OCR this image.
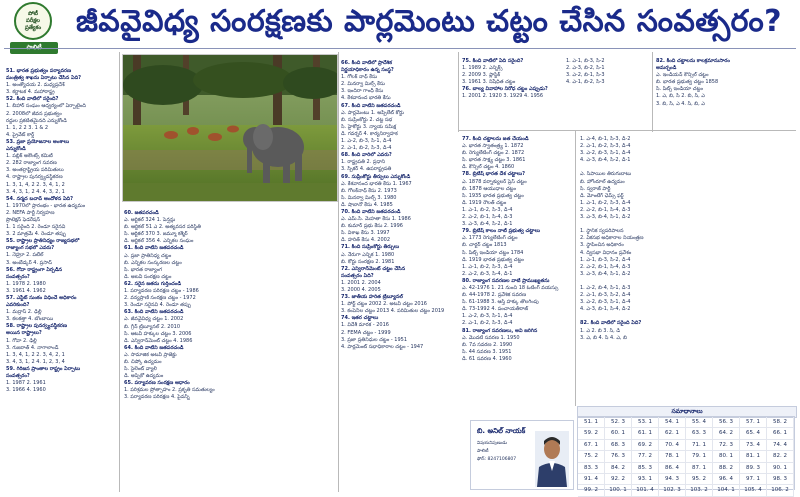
పోటీ
పరీక్షల
ప్రత్యేకం జీవవైవిధ్య సంరక్షణకు పార్లమెంటు చట్టం చేసిన సంవత్సరం?
51. భారత ప్రభుత్వం పర్యావరణ
మంత్రిత్వ శాఖను ఏర్పాటు చేసిన ఏది?
1. అంత్యోదయ 2. మధ్యప్రదేశ్
3. కర్ణాటక 4. మహారాష్ట్ర
52. కింది వాటిలో సరైంది?
1. బీహార్ సంఘం ఆధ్వర్యంలో ఏర్పాటైంది
2. 2008లో జీవన ప్రభుత్వం
రద్దుల ప్రకటితమైనది ఎన్నుకోండి
1. 1, 2 2 3. 1 & 2
4. ప్రైవేట్ కార్డ్
53. ప్రజా ప్రయోజనాల అంశాలు
ఎన్నుకోండి
1. పబ్లిక్ అకౌంట్స్ కమిటీ
2. 282 రాజ్యాంగ సవరణ
3. అంతర్రాష్ట్రీయ పరిమితులు
4. రాష్ట్రాల పునర్వ్యవస్థీకరణ
1. 3, 1, 4, 2 2. 3, 4, 1, 2
3. 4, 3, 1, 2 4. 4, 3, 2, 1
54. నర్మద బచావ్ ఆందోళన ఏది?
1. 1970లో ప్రారంభం - భారత ఉద్యమం
2. NEFA పార్టీ నిర్వహణ
ప్రొటెక్షన్ ఫెడరేషన్
1. 1 సరైంది 2. రెండూ సరైనవి
3. 2 మాత్రమే 4. రెండూ తప్పు
55. రాష్ట్రాల ప్రాతినిధ్యం రాజ్యసభలో
రాజ్యాంగ సభలో ఎవరు?
1. నెహ్రూ 2. పటేల్
3. అంబేడ్కర్ 4. ప్రసాద్
56. గోవా రాష్ట్రంగా ఏర్పడిన
సంవత్సరం?
1. 1978 2. 1980
3. 1961 4. 1962
57. ఎస్టేట్ సుంకం విధించే అధికారం
ఎవరికుంది?
1. మద్రాస్ 2. ఢిల్లీ
3. కలకత్తా 4. బొంబాయి
58. రాష్ట్రాల పునర్వ్యవస్థీకరణ
అయిన రాష్ట్రాలు?
1. గోవా 2. ఢిల్లీ
3. గుజరాత్ 4. నాగాలాండ్
1. 3, 4, 1, 2 2. 3, 4, 2, 1
3. 4, 3, 1, 2 4. 1, 2, 3, 4
59. గిరిజన ప్రాంతాల రాష్ట్రం ఏర్పాటు
సంవత్సరం?
1. 1987 2. 1961
3. 1966 4. 1960
60. జతపరచండి
ఎ. ఆర్టికల్ 324 1. పెన్షన్లు
బి. ఆర్టికల్ 51 ఎ 2. అత్యవసర పరిస్థితి
సి. ఆర్టికల్ 370 3. జమ్మూ కశ్మీర్
డి. ఆర్టికల్ 356 4. ఎన్నికల సంఘం
61. కింది వాటిని జతపరచండి
ఎ. ప్రజా ప్రాతినిధ్య చట్టం
బి. ఎన్నికల సంస్కరణల చట్టం
సి. భారత రాజ్యాంగ
డి. అటవీ సంరక్షణ చట్టం
62. సరైన జతను గుర్తించండి
1. పర్యావరణ పరిరక్షణ చట్టం - 1986
2. వన్యప్రాణి సంరక్షణ చట్టం - 1972
3. రెండూ సరైనవి 4. రెండూ తప్పు
63. కింది వాటిని జతపరచండి
ఎ. జీవవైవిధ్య చట్టం 1. 2002
బి. గ్రీన్ ట్రిబ్యూనల్ 2. 2010
సి. ఆటవీ హక్కుల చట్టం 3. 2006
డి. ఎన్విరాన్‌మెంట్ చట్టం 4. 1986
64. కింది వాటిని జతపరచండి
ఎ. సామాజిక అటవీ ప్రాజెక్టు
బి. చిప్కో ఉద్యమం
సి. సైలెంట్ వ్యాలీ
డి. అప్పికో ఉద్యమం
65. పర్యావరణ సంరక్షణ ఆధారం
1. పరిశ్రమల ప్రోత్సాహం 2. ప్రకృతి సమతుల్యం
3. పర్యావరణ పరిరక్షణ 4. పైవన్నీ
66. కింది వాటిలో ప్రాదేశిక
నిర్ణయాధికారం ఉన్న సంస్థ?
1. గోలక్ నాథ్ కేసు
2. మినర్వా మిల్స్ కేసు
3. ఇందిరా గాంధీ కేసు
4. కేశవానంద భారతి కేసు
67. కింది వాటిని జతపరచండి
ఎ. పార్లమెంటు 1. అప్పీలేట్ కోర్టు
బి. సుప్రీంకోర్టు 2. చట్ట సభ
సి. హైకోర్టు 3. న్యాయ సమీక్ష
డి. గవర్నర్ 4. కార్యనిర్వాహక
1. ఎ-2, బి-3, సి-1, డి-4
2. ఎ-1, బి-2, సి-3, డి-4
68. కింది వారిలో ఎవరు?
1. రాష్ట్రపతి 2. ప్రధాని
3. స్పీకర్ 4. ఉపరాష్ట్రపతి
69. సుప్రీంకోర్టు తీర్పులు ఎన్నుకోండి
ఎ. కేశవానంద భారతి కేసు 1. 1967
బి. గోలక్‌నాథ్ కేసు 2. 1973
సి. మినర్వా మిల్స్ 3. 1980
డి. షాబానో కేసు 4. 1985
70. కింది వాటిని జతపరచండి
ఎ. ఎమ్.సి. మెహతా కేసు 1. 1986
బి. కుమార్ ప్రభు కేసు 2. 1996
సి. విశాఖ కేసు 3. 1997
డి. హరిత్ కేసు 4. 2002
71. కింది సుప్రీంకోర్టు తీర్పులు
ఎ. నేరుగా ఎన్నిక 1. 1980
బి. కోర్టు సంరక్షణ 2. 1981
72. ఎన్విరాన్‌మెంట్ చట్టం చేసిన
సంవత్సరం ఏది?
1. 2001 2. 2004
3. 2000 4. 2005
73. జాతీయ హరిత ట్రిబ్యూనల్
1. పోర్ట్ చట్టం 2002 2. అటవీ చట్టం 2016
3. కంపెనీల చట్టం 2013 4. పరిమితుల చట్టం 2019
74. ఇతర చట్టాలు
1. విదేశీ మారక - 2016
2. FEMA చట్టం - 1999
3. ప్రజా ప్రతినిధుల చట్టం - 1951
4. పార్లమెంట్ సభాధికారాల చట్టం - 1947
75. కింది వాటిలో ఏది సరైంది?
1. 1989 2. ఎన్నిక్స్
2. 2009 3. ప్లాస్టిక్
3. 1961 3. నిషేధిత చట్టం
76. బాల్య వివాహాల నిరోధ చట్టం ఎప్పుడు?
1. 2001 2. 1920 3. 1929 4. 1956
1. ఎ-1, బి-3, సి-2
2. ఎ-3, బి-2, సి-1
3. ఎ-2, బి-1, సి-3
4. ఎ-1, బి-2, సి-3
82. కింది చట్టాలను కాలక్రమానుసారం
అమర్చండి
ఎ. ఇండియన్ కౌన్సిల్ చట్టం
బి. భారత ప్రభుత్వ చట్టం 1858
సి. పిట్స్ ఇండియా చట్టం
1. ఎ, బి, సి 2. బి, సి, ఎ
3. బి, సి, ఎ 4. సి, బి, ఎ
77. కింది చట్టాలను జత చేయండి
ఎ. భారత స్వాతంత్ర్య 1. 1872
బి. రెగ్యులేటింగ్ చట్టం 2. 1872
సి. భారత సాక్ష్య చట్టం 3. 1861
డి. కౌన్సిల్ చట్టం 4. 1860
78. బ్రిటిష్ భారత దేశ చట్టాలు?
ఎ. 1878 వర్నాక్యులర్ ప్రెస్ చట్టం
బి. 1878 ఆయుధాల చట్టం
సి. 1935 భారత ప్రభుత్వ చట్టం
డి. 1919 రౌలత్ చట్టం
1. ఎ-1, బి-2, సి-3, డి-4
2. ఎ-2, బి-1, సి-4, డి-3
3. ఎ-3, బి-4, సి-2, డి-1
79. బ్రిటిష్ కాలం నాటి ప్రభుత్వ చట్టాలు
ఎ. 1773 రెగ్యులేటింగ్ చట్టం
బి. చార్టర్ చట్టం 1813
సి. పిట్స్ ఇండియా చట్టం 1784
డి. 1919 భారత ప్రభుత్వ చట్టం
1. ఎ-1, బి-2, సి-3, డి-4
2. ఎ-2, బి-3, సి-4, డి-1
80. రాజ్యాంగ సవరణల వాటి ప్రాముఖ్యతను
ఎ. 42-1976 1. 21 నుంచి 18 ఓటింగ్ వయస్సు
బి. 44-1978 2. ప్రవేశిక సవరణ
సి. 61-1988 3. ఆస్తి హక్కు తొలగింపు
డి. 73-1992 4. పంచాయతీరాజ్
1. ఎ-2, బి-3, సి-1, డి-4
2. ఎ-1, బి-2, సి-3, డి-4
81. రాజ్యాంగ సవరణలు, అవి జరిగిన
ఎ. మొదటి సవరణ 1. 1950
బి. 7వ సవరణ 2. 1990
సి. 44 సవరణ 3. 1951
డి. 61 సవరణ 4. 1960
1. ఎ-4, బి-1, సి-3, డి-2
2. ఎ-1, బి-2, సి-3, డి-4
3. ఎ-2, బి-3, సి-1, డి-4
4. ఎ-3, బి-4, సి-2, డి-1

ఎ. సిపాయిల తిరుగుబాటు
బి. హోంరూల్ ఉద్యమం
సి. స్వరాజ్ పార్టీ
డి. మోంటేగ్ ఛెమ్స్ ఫర్డ్
1. ఎ-1, బి-2, సి-3, డి-4
2. ఎ-2, బి-1, సి-4, డి-3
3. ఎ-3, బి-4, సి-1, డి-2

1. స్థానిక స్వపరిపాలన
2. ఏకసభ అధికారాల నియంత్రణ
3. స్థాపించిన అధికారం
4. ద్విసభా విధానం ప్రవేశం
1. ఎ-1, బి-3, సి-2, డి-4
2. ఎ-2, బి-1, సి-4, డి-3
3. ఎ-3, బి-4, సి-1, డి-2

1. ఎ-2, బి-4, సి-1, డి-3
2. ఎ-1, బి-3, సి-2, డి-4
3. ఎ-2, బి-3, సి-1, డి-4
4. ఎ-3, బి-1, సి-4, డి-2

82. కింది వాటిలో సరైంది ఏది?
1. ఎ 2. బి 3. సి, డి
3. ఎ, బి 4. సి 4. ఎ, బి
బి. అనిల్ నాయక్
విషయనిపుణుడు
పాలిటీ
ఫోన్: 8247106807
సమాధానాలు
51. 1	52. 3	53. 1	54. 1	55. 4	56. 3	57. 1	58. 2
59. 2	60. 1	61. 1	62. 1	63. 3	64. 2	65. 4	66. 1
67. 1	68. 3	69. 2	70. 4	71. 1	72. 3	73. 4	74. 4
75. 2	76. 3	77. 2	78. 1	79. 1	80. 1	81. 1	82. 2
83. 3	84. 2	85. 3	86. 4	87. 1	88. 2	89. 3	90. 1
91. 4	92. 2	93. 1	94. 3	95. 2	96. 4	97. 1	98. 3
99. 2	100. 1	101. 4	102. 3	103. 2	104. 1	105. 4	106. 2
